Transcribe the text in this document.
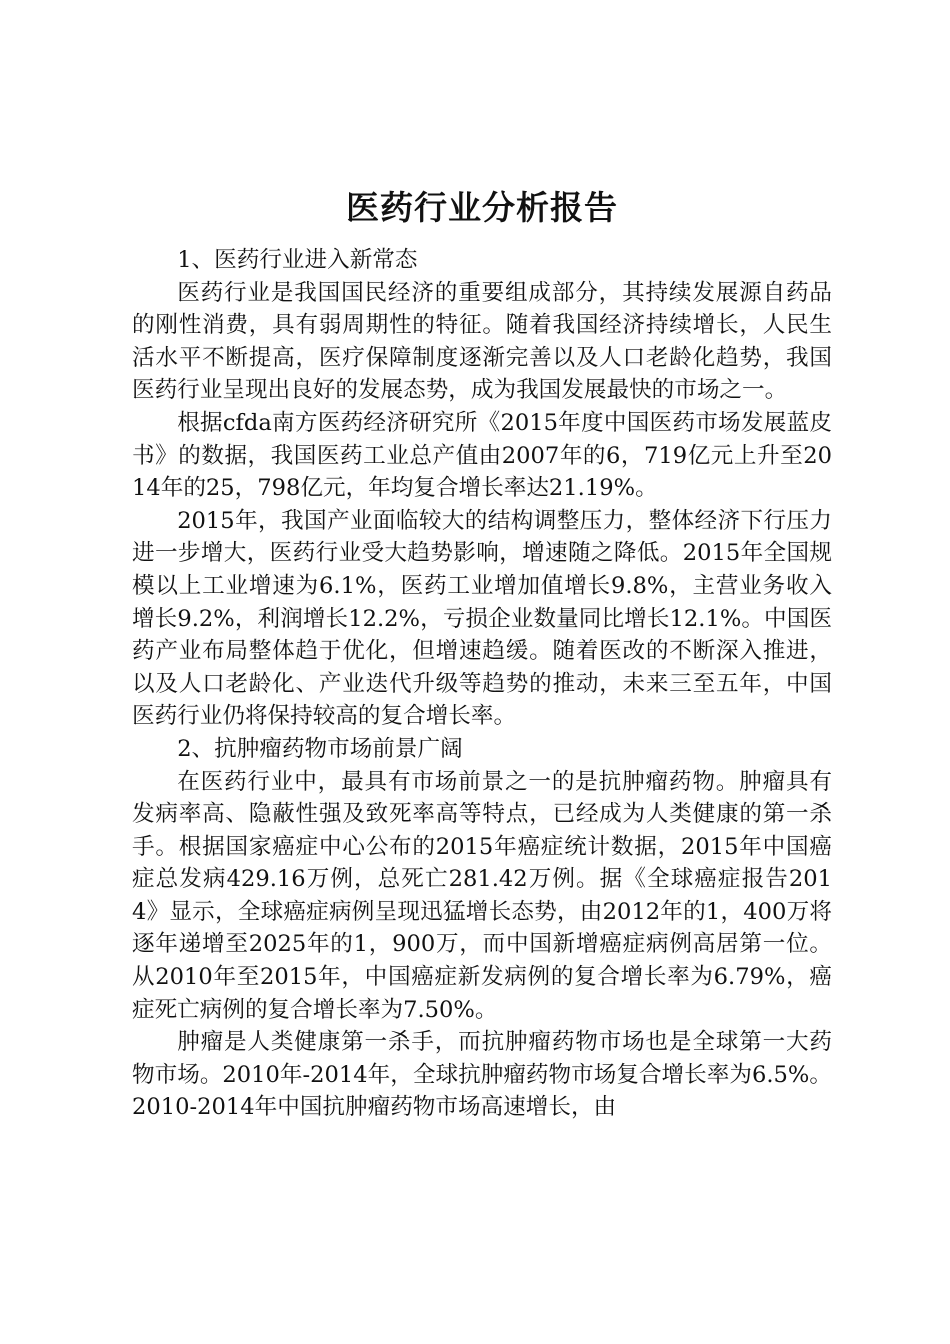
医药行业分析报告

1、医药行业进入新常态

医药行业是我国国民经济的重要组成部分，其持续发展源自药品的刚性消费，具有弱周期性的特征。随着我国经济持续增长，人民生活水平不断提高，医疗保障制度逐渐完善以及人口老龄化趋势，我国医药行业呈现出良好的发展态势，成为我国发展最快的市场之一。

根据cfda南方医药经济研究所《2015年度中国医药市场发展蓝皮书》的数据，我国医药工业总产值由2007年的6，719亿元上升至2014年的25，798亿元，年均复合增长率达21.19%。

2015年，我国产业面临较大的结构调整压力，整体经济下行压力进一步增大，医药行业受大趋势影响，增速随之降低。2015年全国规模以上工业增速为6.1%，医药工业增加值增长9.8%，主营业务收入增长9.2%，利润增长12.2%，亏损企业数量同比增长12.1%。中国医药产业布局整体趋于优化，但增速趋缓。随着医改的不断深入推进，以及人口老龄化、产业迭代升级等趋势的推动，未来三至五年，中国医药行业仍将保持较高的复合增长率。

2、抗肿瘤药物市场前景广阔

在医药行业中，最具有市场前景之一的是抗肿瘤药物。肿瘤具有发病率高、隐蔽性强及致死率高等特点，已经成为人类健康的第一杀手。根据国家癌症中心公布的2015年癌症统计数据，2015年中国癌症总发病429.16万例，总死亡281.42万例。据《全球癌症报告2014》显示，全球癌症病例呈现迅猛增长态势，由2012年的1，400万将逐年递增至2025年的1，900万，而中国新增癌症病例高居第一位。从2010年至2015年，中国癌症新发病例的复合增长率为6.79%，癌症死亡病例的复合增长率为7.50%。

肿瘤是人类健康第一杀手，而抗肿瘤药物市场也是全球第一大药物市场。2010年-2014年，全球抗肿瘤药物市场复合增长率为6.5%。2010-2014年中国抗肿瘤药物市场高速增长，由
